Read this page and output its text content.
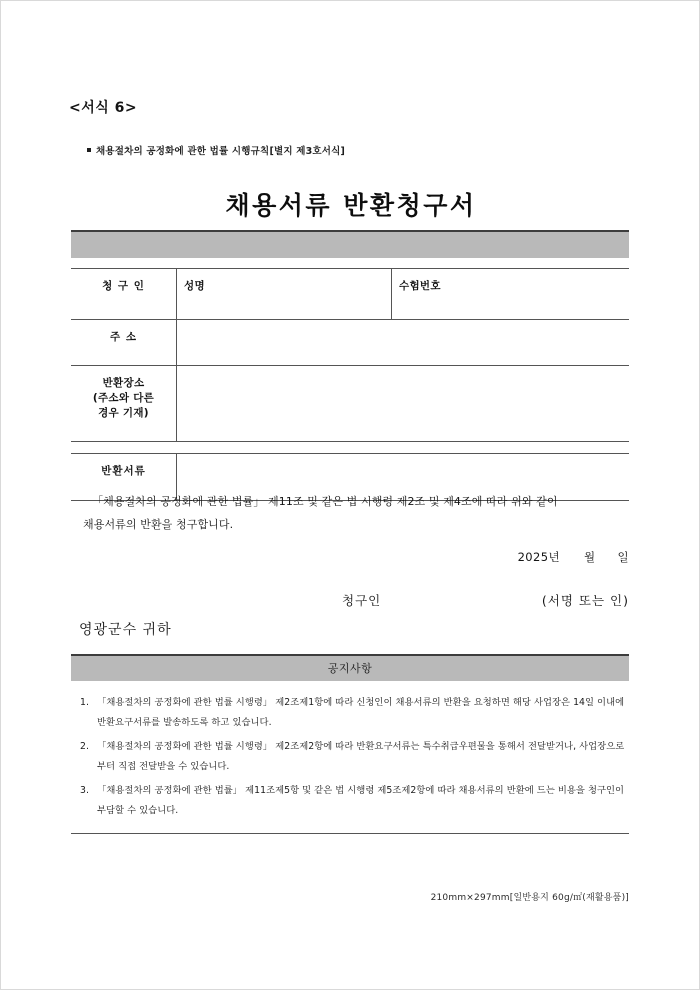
<서식 6>
채용절차의 공정화에 관한 법률 시행규칙[별지 제3호서식]
채용서류 반환청구서
청 구 인	성명	수험번호
주 소
반환장소
(주소와 다른
경우 기재)
반환서류
「채용절차의 공정화에 관한 법률」 제11조 및 같은 법 시행령 제2조 및 제4조에 따라 위와 같이
채용서류의 반환을 청구합니다.
2025년 월 일
청구인	(서명 또는 인)
영광군수 귀하
공지사항
1. 「채용절차의 공정화에 관한 법률 시행령」 제2조제1항에 따라 신청인이 채용서류의 반환을 요청하면 해당 사업장은 14일 이내에 반환요구서류를 발송하도록 하고 있습니다.
2. 「채용절차의 공정화에 관한 법률 시행령」 제2조제2항에 따라 반환요구서류는 특수취급우편물을 통해서 전달받거나, 사업장으로부터 직접 전달받을 수 있습니다.
3. 「채용절차의 공정화에 관한 법률」 제11조제5항 및 같은 법 시행령 제5조제2항에 따라 채용서류의 반환에 드는 비용을 청구인이 부담할 수 있습니다.
210mm×297mm[일반용지 60g/㎡(재활용품)]
